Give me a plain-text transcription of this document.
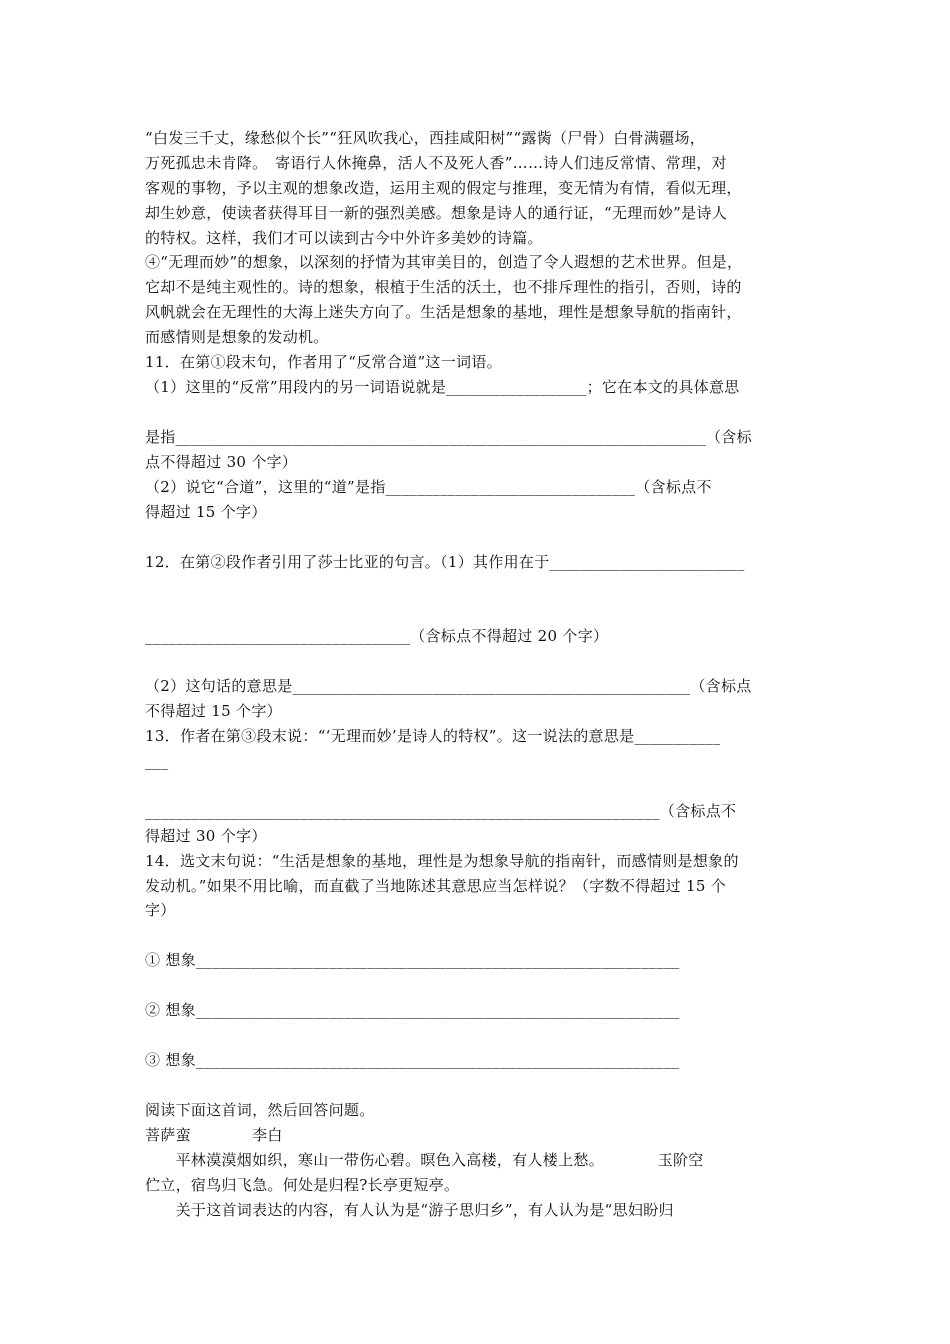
“白发三千丈，缘愁似个长”“狂风吹我心，西挂咸阳树”“露胔（尸骨）白骨满疆场，
万死孤忠未肯降。　寄语行人休掩鼻，活人不及死人香”……诗人们违反常情、常理，对
客观的事物，予以主观的想象改造，运用主观的假定与推理，变无情为有情，看似无理，
却生妙意，使读者获得耳目一新的强烈美感。想象是诗人的通行证，“无理而妙”是诗人
的特权。这样，我们才可以读到古今中外许多美妙的诗篇。
④“无理而妙”的想象，以深刻的抒情为其审美目的，创造了令人遐想的艺术世界。但是，
它却不是纯主观性的。诗的想象，根植于生活的沃土，也不排斥理性的指引，否则，诗的
风帆就会在无理性的大海上迷失方向了。生活是想象的基地，理性是想象导航的指南针，
而感情则是想象的发动机。
11．在第①段末句，作者用了“反常合道”这一词语。
（1）这里的“反常”用段内的另一词语说就是__________________；它在本文的具体意思
是指____________________________________________________________________（含标
点不得超过 30 个字）
（2）说它“合道”，这里的“道”是指________________________________（含标点不
得超过 15 个字）
12．在第②段作者引用了莎士比亚的句言。（1）其作用在于_________________________
__________________________________（含标点不得超过 20 个字）
（2）这句话的意思是___________________________________________________（含标点
不得超过 15 个字）
13．作者在第③段末说：“‘无理而妙’是诗人的特权”。这一说法的意思是___________
___
__________________________________________________________________（含标点不
得超过 30 个字）
14．选文末句说：“生活是想象的基地，理性是为想象导航的指南针，而感情则是想象的
发动机。”如果不用比喻，而直截了当地陈述其意思应当怎样说？（字数不得超过 15 个
字）
① 想象______________________________________________________________
② 想象______________________________________________________________
③ 想象______________________________________________________________
阅读下面这首词，然后回答问题。
菩萨蛮　　　　李白
　　平林漠漠烟如织，寒山一带伤心碧。暝色入高楼，有人楼上愁。　　　　玉阶空
伫立，宿鸟归飞急。何处是归程?长亭更短亭。
　　关于这首词表达的内容，有人认为是“游子思归乡”，有人认为是“思妇盼归
